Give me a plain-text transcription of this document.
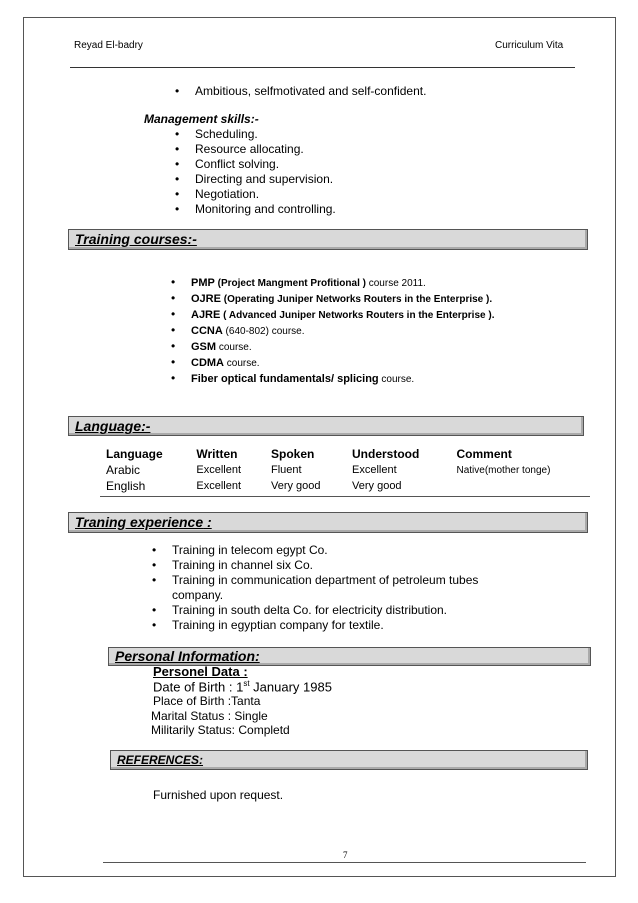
Reyad El-badry	Curriculum Vita
• Ambitious, selfmotivated and self-confident.
Management skills:-
• Scheduling.
• Resource allocating.
• Conflict solving.
• Directing and supervision.
• Negotiation.
• Monitoring and controlling.
Training courses:-
• PMP (Project Mangment Profitional ) course 2011.
• OJRE (Operating Juniper Networks Routers in the Enterprise ).
• AJRE ( Advanced Juniper Networks Routers in the Enterprise ).
• CCNA (640-802) course.
• GSM course.
• CDMA course.
• Fiber optical fundamentals/ splicing course.
Language:-
Language	Written	Spoken	Understood	Comment
Arabic	Excellent	Fluent	Excellent	Native(mother tonge)
English	Excellent	Very good	Very good	
Traning experience :
• Training in telecom egypt Co.
• Training in channel six Co.
• Training in communication department of petroleum tubes company.
• Training in south delta Co. for electricity distribution.
• Training in egyptian company for textile.
Personal Information:
Personel Data :
Date of Birth : 1st January 1985
Place of Birth :Tanta
Marital Status : Single
Militarily Status: Completd
REFERENCES:
Furnished upon request.
7
